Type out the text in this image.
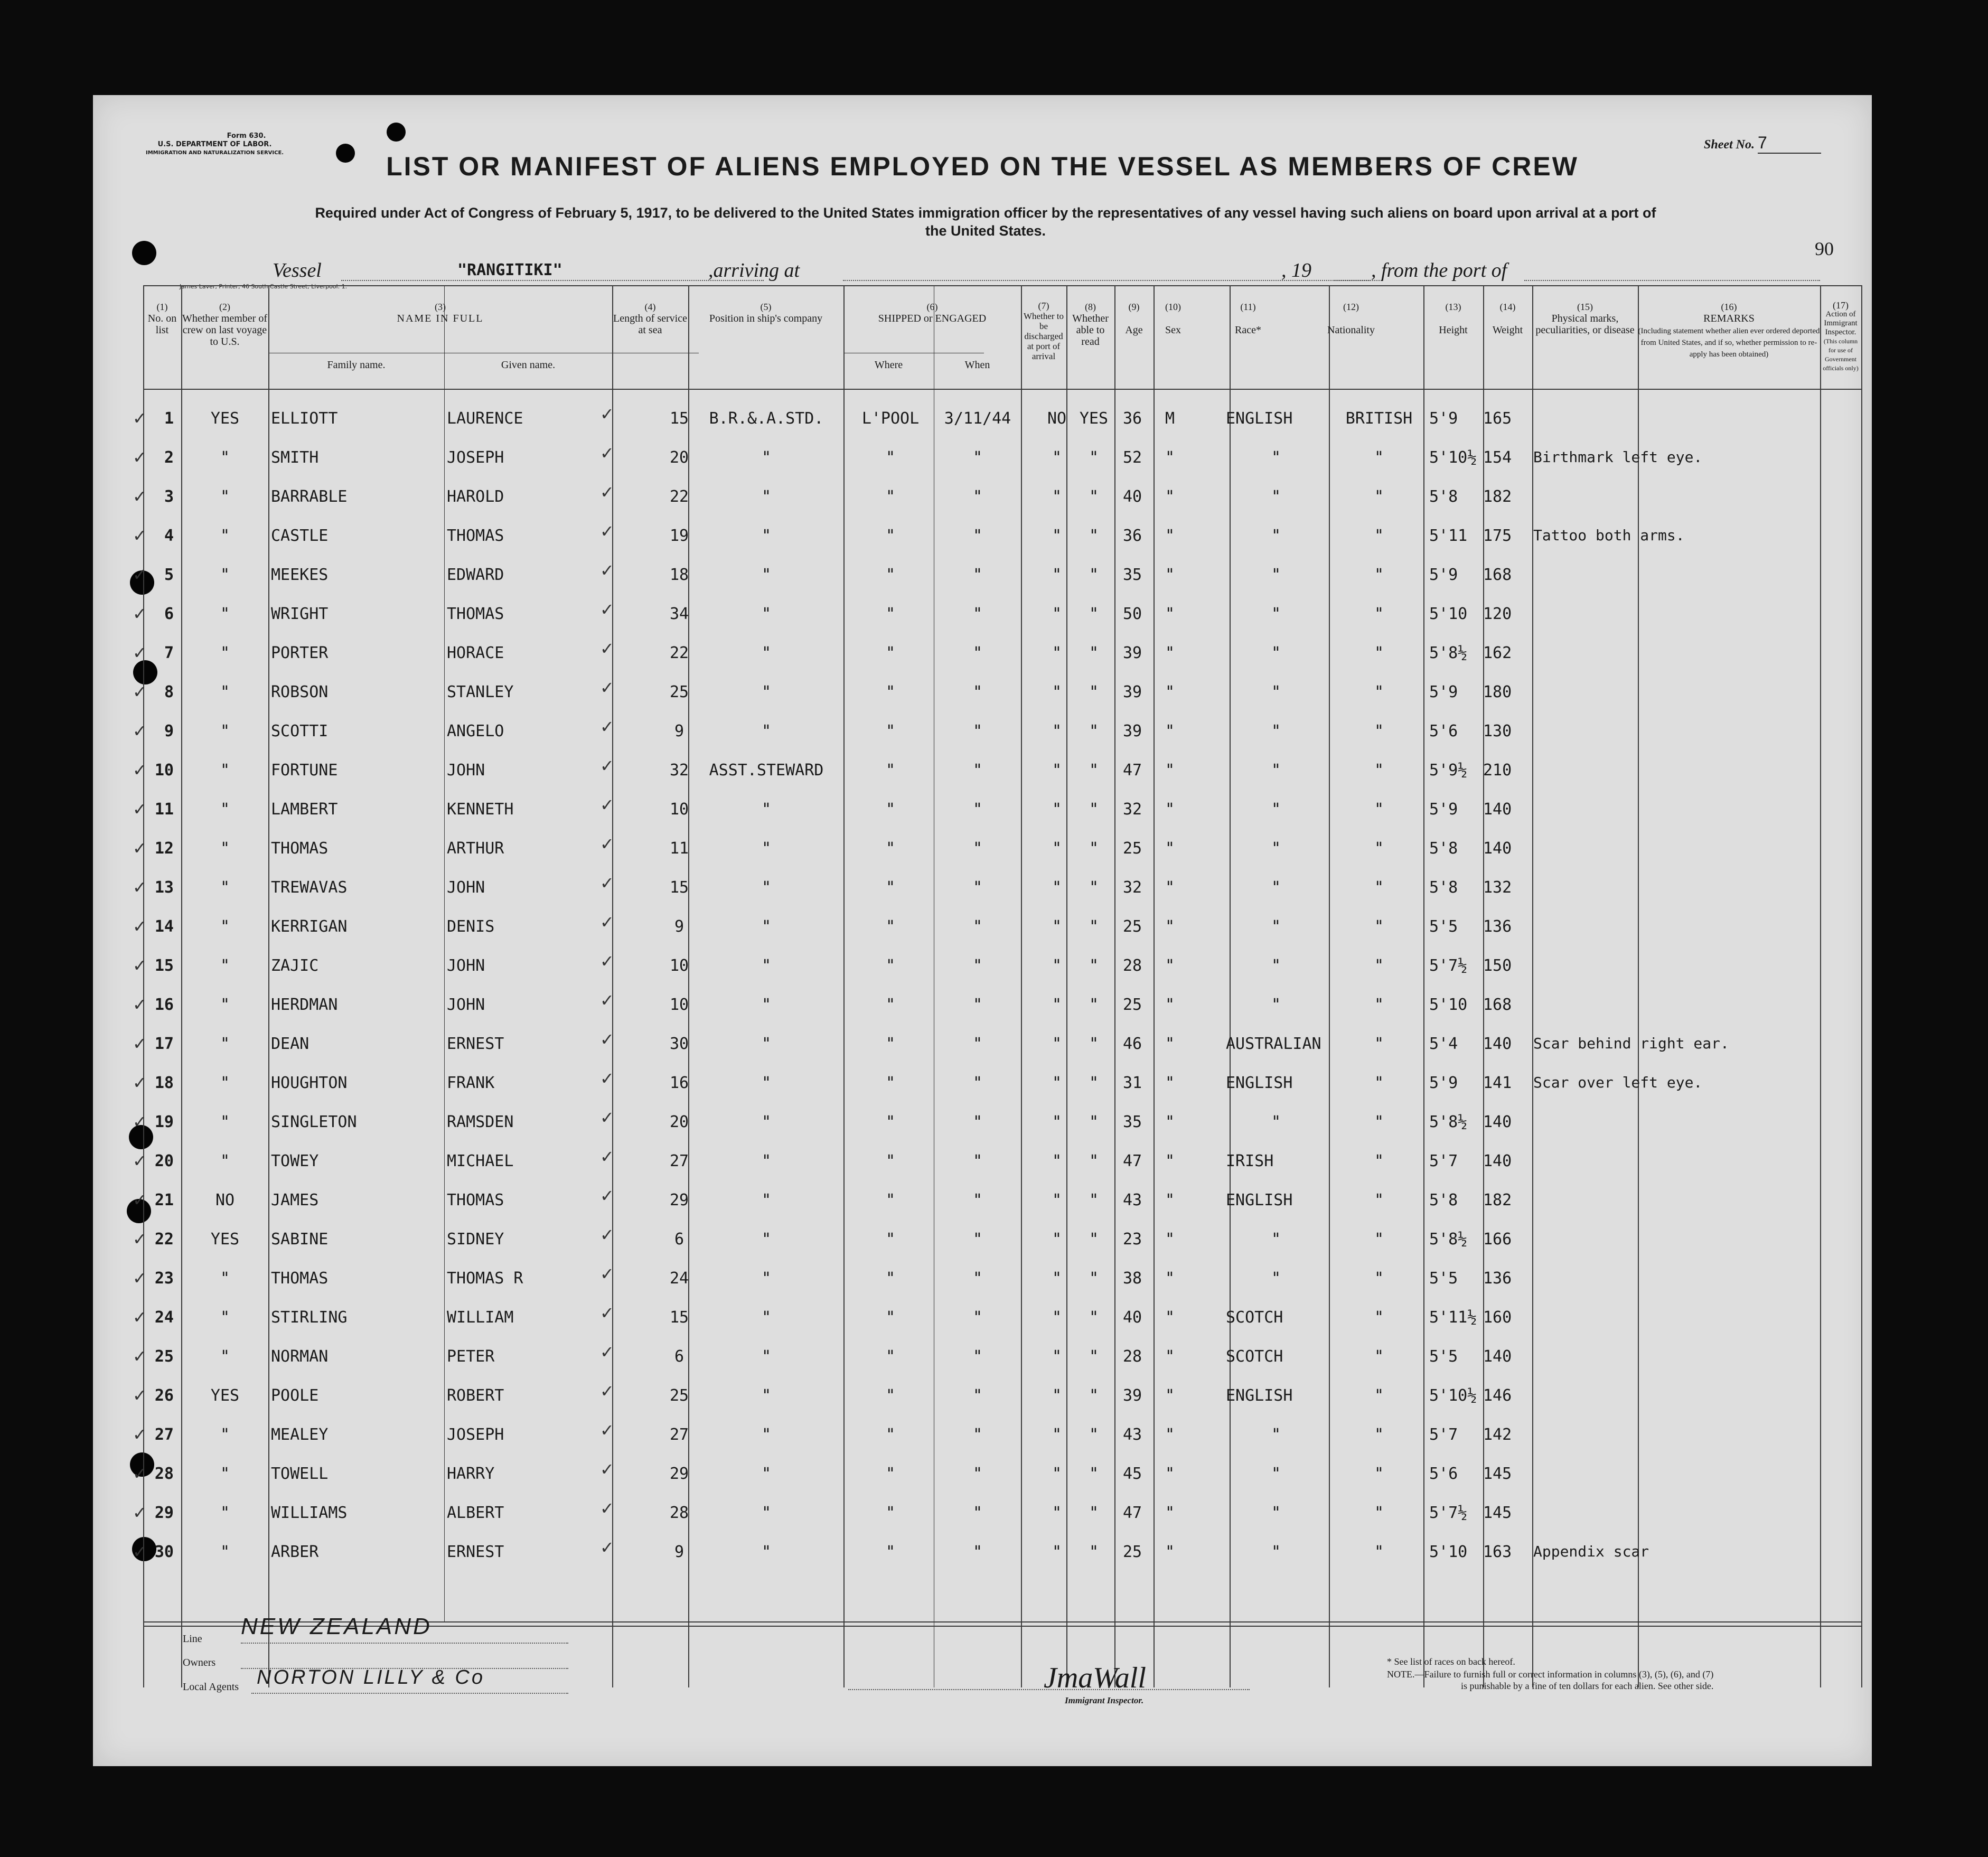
Form 630.
U.S. DEPARTMENT OF LABOR.
IMMIGRATION AND NATURALIZATION SERVICE.
Sheet No. 7
90
LIST OR MANIFEST OF ALIENS EMPLOYED ON THE VESSEL AS MEMBERS OF CREW
Required under Act of Congress of February 5, 1917, to be delivered to the United States immigration officer by the representatives of any vessel having such aliens on board upon arrival at a port of the United States.
Vessel	"RANGITIKI"	,arriving at	, 19	, from the port of
James Laver, Printer, 46 South Castle Street, Liverpool. 1.
(1)
No. on list
(2)
Whether member of crew on last voyage to U.S.
(3)
NAME IN FULL
Family name.	Given name.
(4)
Length of service at sea
(5)
Position in ship's company
(6)
SHIPPED or ENGAGED
Where	When
(7)
Whether to be discharged at port of arrival
(8)
Whether able to read
(9)

Age
(10)

Sex
(11)

Race*
(12)

Nationality
(13)

Height
(14)

Weight
(15)
Physical marks, peculiarities, or disease
(16)
REMARKS
(Including statement whether alien ever ordered deported from United States, and if so, whether permission to re-apply has been obtained)
(17)
Action of Immigrant Inspector.
(This column for use of Government officials only)
1	YES	ELLIOTT	LAURENCE	15	B.R.&.A.STD.	L'POOL	3/11/44	NO YES 36 M	ENGLISH	BRITISH	5'9 165
✓	✓
2	"	SMITH	JOSEPH	20	"	"	"	"	"	52 "	"	"	5'10½ 154 Birthmark left eye.
✓	✓
3	"	BARRABLE	HAROLD	22	"	"	"	"	"	40 "	"	"	5'8 182
✓	✓
4	"	CASTLE	THOMAS	19	"	"	"	"	"	36 "	"	"	5'11 175 Tattoo both arms.
✓	✓
5	"	MEEKES	EDWARD	18	"	"	"	"	"	35 "	"	"	5'9 168
✓	✓
6	"	WRIGHT	THOMAS	34	"	"	"	"	"	50 "	"	"	5'10 120
✓	✓
7	"	PORTER	HORACE	22	"	"	"	"	"	39 "	"	"	5'8½ 162
✓	✓
8	"	ROBSON	STANLEY	25	"	"	"	"	"	39 "	"	"	5'9 180
✓	✓
9	"	SCOTTI	ANGELO	9	"	"	"	"	"	39 "	"	"	5'6 130
✓	✓
10	"	FORTUNE	JOHN	32	ASST.STEWARD	"	"	"	"	47 "	"	"	5'9½ 210
✓	✓
11	"	LAMBERT	KENNETH	10	"	"	"	"	"	32 "	"	"	5'9 140
✓	✓
12	"	THOMAS	ARTHUR	11	"	"	"	"	"	25 "	"	"	5'8 140
✓	✓
13	"	TREWAVAS	JOHN	15	"	"	"	"	"	32 "	"	"	5'8 132
✓	✓
14	"	KERRIGAN	DENIS	9	"	"	"	"	"	25 "	"	"	5'5 136
✓	✓
15	"	ZAJIC	JOHN	10	"	"	"	"	"	28 "	"	"	5'7½ 150
✓	✓
16	"	HERDMAN	JOHN	10	"	"	"	"	"	25 "	"	"	5'10 168
✓	✓
17	"	DEAN	ERNEST	30	"	"	"	"	"	46 "	AUSTRALIAN	"	5'4 140 Scar behind right ear.
✓	✓
18	"	HOUGHTON	FRANK	16	"	"	"	"	"	31 "	ENGLISH	"	5'9 141 Scar over left eye.
✓	✓
19	"	SINGLETON	RAMSDEN	20	"	"	"	"	"	35 "	"	"	5'8½ 140
✓	✓
20	"	TOWEY	MICHAEL	27	"	"	"	"	"	47 "	IRISH	"	5'7 140
✓	✓
21	NO	JAMES	THOMAS	29	"	"	"	"	"	43 "	ENGLISH	"	5'8 182
✓	✓
22	YES	SABINE	SIDNEY	6	"	"	"	"	"	23 "	"	"	5'8½ 166
✓	✓
23	"	THOMAS	THOMAS R	24	"	"	"	"	"	38 "	"	"	5'5 136
✓	✓
24	"	STIRLING	WILLIAM	15	"	"	"	"	"	40 "	SCOTCH	"	5'11½ 160
✓	✓
25	"	NORMAN	PETER	6	"	"	"	"	"	28 "	SCOTCH	"	5'5 140
✓	✓
26	YES	POOLE	ROBERT	25	"	"	"	"	"	39 "	ENGLISH	"	5'10½ 146
✓	✓
27	"	MEALEY	JOSEPH	27	"	"	"	"	"	43 "	"	"	5'7 142
✓	✓
28	"	TOWELL	HARRY	29	"	"	"	"	"	45 "	"	"	5'6 145
✓	✓
29	"	WILLIAMS	ALBERT	28	"	"	"	"	"	47 "	"	"	5'7½ 145
✓	✓
30	"	ARBER	ERNEST	9	"	"	"	"	"	25 "	"	"	5'10 163 Appendix scar
✓	✓
Line NEW ZEALAND
Owners
Local Agents NORTON LILLY & Co	JmaWall
Immigrant Inspector.
* See list of races on back hereof.
NOTE.—Failure to furnish full or correct information in columns (3), (5), (6), and (7)
is punishable by a fine of ten dollars for each alien. See other side.
